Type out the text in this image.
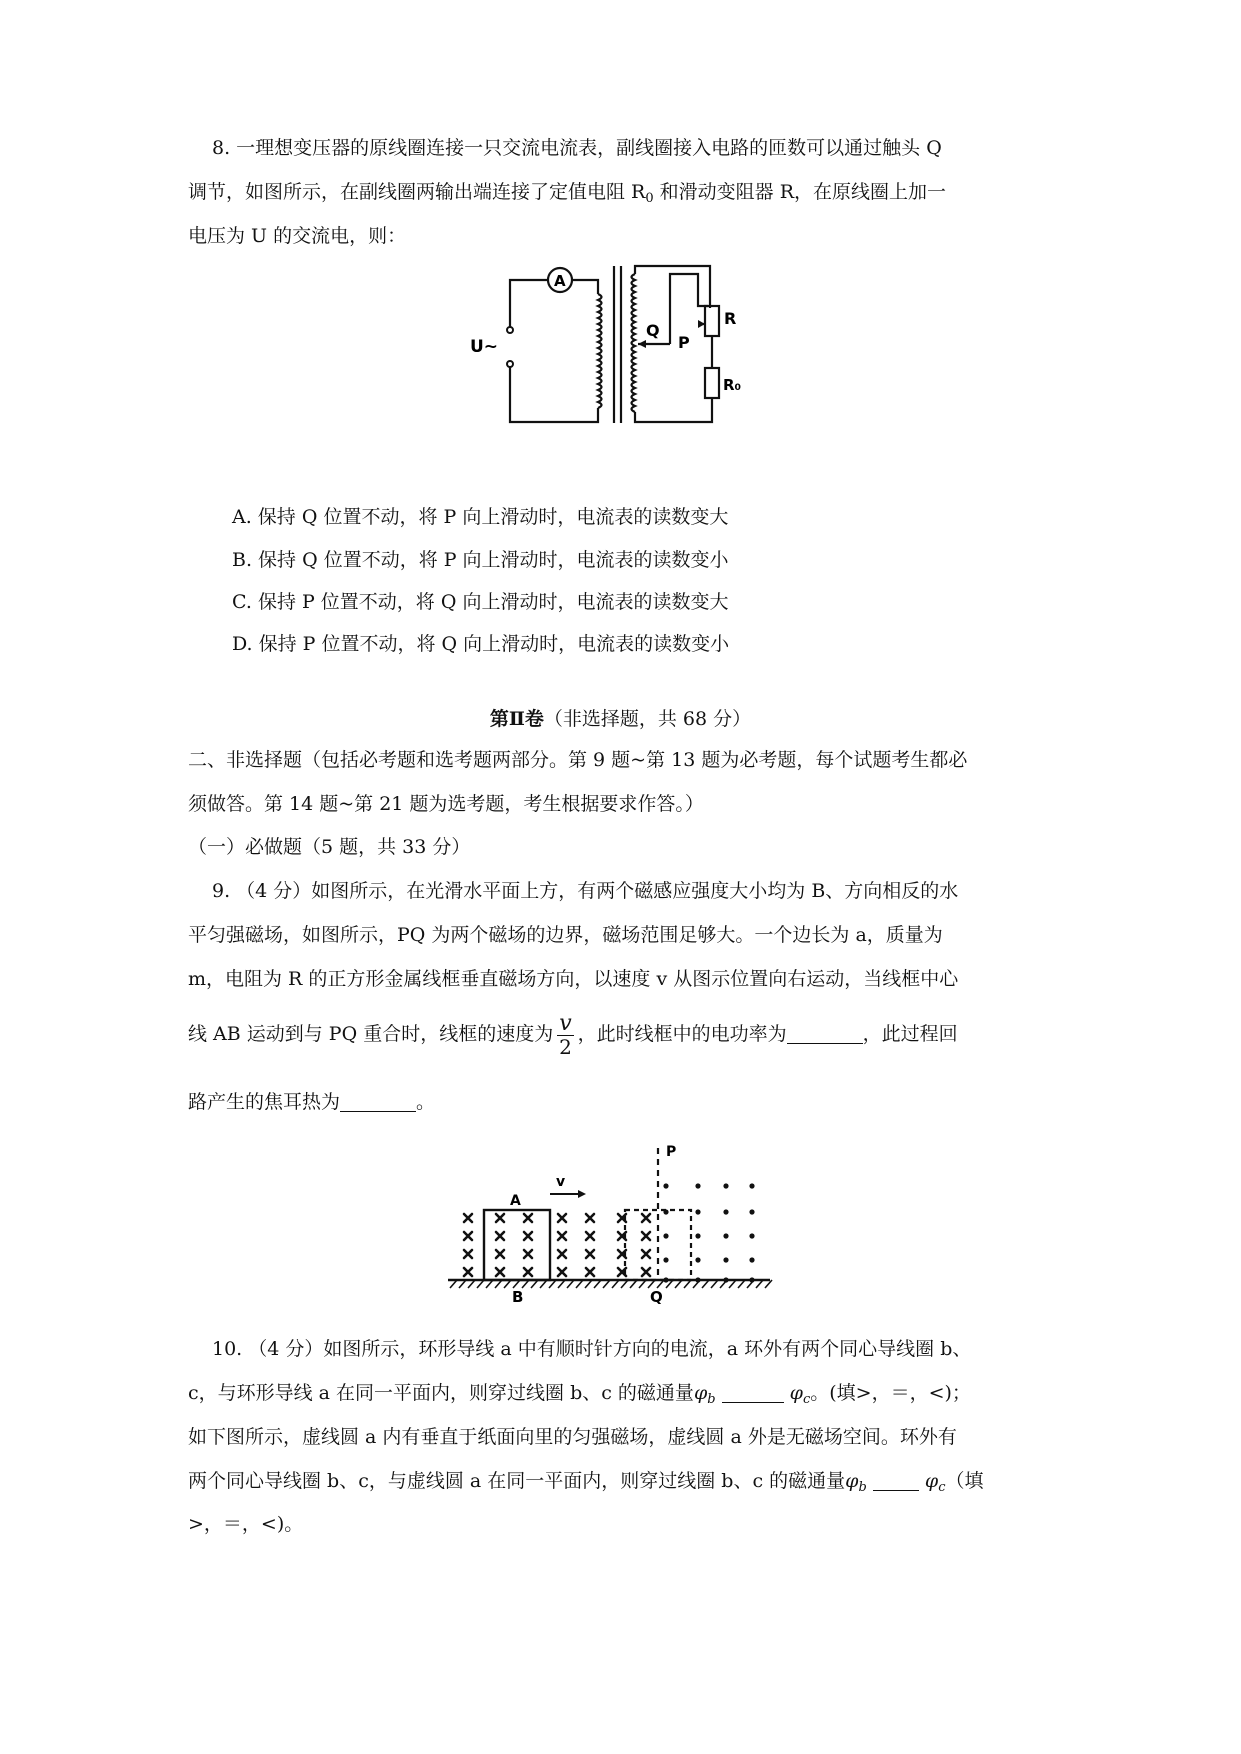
8. 一理想变压器的原线圈连接一只交流电流表，副线圈接入电路的匝数可以通过触头 Q
调节，如图所示，在副线圈两输出端连接了定值电阻 $R_0$ 和滑动变阻器 R，在原线圈上加一
电压为 U 的交流电，则：
A
U~
Q
P
R
R₀
A. 保持 Q 位置不动，将 P 向上滑动时，电流表的读数变大
B. 保持 Q 位置不动，将 P 向上滑动时，电流表的读数变小
C. 保持 P 位置不动，将 Q 向上滑动时，电流表的读数变大
D. 保持 P 位置不动，将 Q 向上滑动时，电流表的读数变小
第Ⅱ卷（非选择题，共 68 分）
二、非选择题（包括必考题和选考题两部分。第 9 题~第 13 题为必考题，每个试题考生都必
须做答。第 14 题~第 21 题为选考题，考生根据要求作答。）
（一）必做题（5 题，共 33 分）
9. （4 分）如图所示，在光滑水平面上方，有两个磁感应强度大小均为 B、方向相反的水
平匀强磁场，如图所示，PQ 为两个磁场的边界，磁场范围足够大。一个边长为 a，质量为
m，电阻为 R 的正方形金属线框垂直磁场方向，以速度 v 从图示位置向右运动，当线框中心
线 AB 运动到与 PQ 重合时，线框的速度为 $\frac{v}{2}$ ，此时线框中的电功率为	，此过程回
路产生的焦耳热为	。
v
A
B
P
Q
10. （4 分）如图所示，环形导线 a 中有顺时针方向的电流，a 环外有两个同心导线圈 b、
c，与环形导线 a 在同一平面内，则穿过线圈 b、c 的磁通量$\varphi_b$	$\varphi_c$。(填>，＝，<)；
如下图所示，虚线圆 a 内有垂直于纸面向里的匀强磁场，虚线圆 a 外是无磁场空间。环外有
两个同心导线圈 b、c，与虚线圆 a 在同一平面内，则穿过线圈 b、c 的磁通量$\varphi_b$	$\varphi_c$（填
>，＝，<)。
